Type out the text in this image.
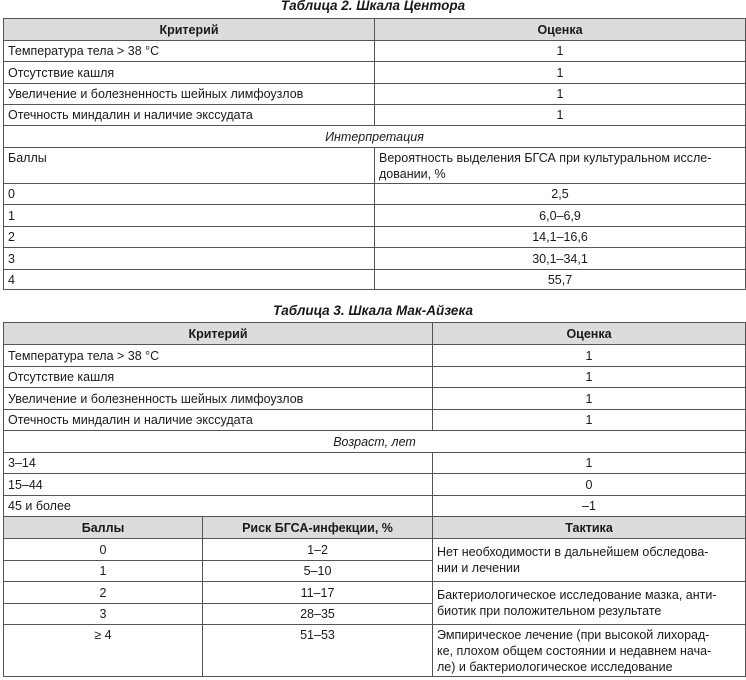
Таблица 2. Шкала Центора
Критерий	Оценка
Температура тела > 38 °С	1
Отсутствие кашля	1
Увеличение и болезненность шейных лимфоузлов	1
Отечность миндалин и наличие экссудата	1
Интерпретация	
Баллы	Вероятность выделения БГСА при культуральном иссле-
довании, %

0	2,5
1	6,0–6,9
2	14,1–16,6
3	30,1–34,1
4	55,7
Таблица 3. Шкала Мак-Айзека
Критерий	Оценка
Температура тела > 38 °С	1
Отсутствие кашля	1
Увеличение и болезненность шейных лимфоузлов	1
Отечность миндалин и наличие экссудата	1
Возраст, лет	
3–14	1
15–44	0
45 и более	–1
Баллы	Риск БГСА-инфекции, %	Тактика
0	1–2	Нет необходимости в дальнейшем обследова-
нии и лечении

1	5–10	
2	11–17	Бактериологическое исследование мазка, анти-
биотик при положительном результате

3	28–35	
≥ 4	51–53	Эмпирическое лечение (при высокой лихорад-
ке, плохом общем состоянии и недавнем нача-
ле) и бактериологическое исследование
